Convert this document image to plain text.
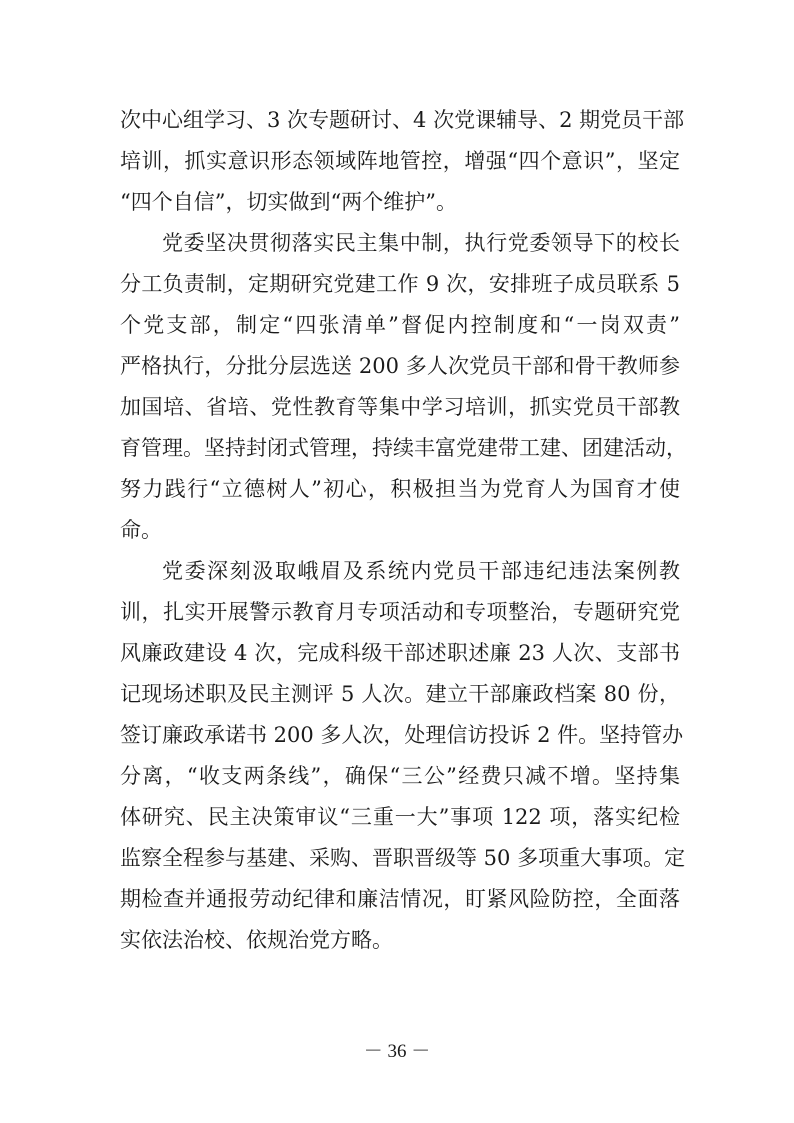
次中心组学习、3 次专题研讨、4 次党课辅导、2 期党员干部
培训，抓实意识形态领域阵地管控，增强“四个意识”，坚定
“四个自信”，切实做到“两个维护”。
党委坚决贯彻落实民主集中制，执行党委领导下的校长
分工负责制，定期研究党建工作 9 次，安排班子成员联系 5
个党支部，制定“四张清单”督促内控制度和“一岗双责”
严格执行，分批分层选送 200 多人次党员干部和骨干教师参
加国培、省培、党性教育等集中学习培训，抓实党员干部教
育管理。坚持封闭式管理，持续丰富党建带工建、团建活动，
努力践行“立德树人”初心，积极担当为党育人为国育才使
命。
党委深刻汲取峨眉及系统内党员干部违纪违法案例教
训，扎实开展警示教育月专项活动和专项整治，专题研究党
风廉政建设 4 次，完成科级干部述职述廉 23 人次、支部书
记现场述职及民主测评 5 人次。建立干部廉政档案 80 份，
签订廉政承诺书 200 多人次，处理信访投诉 2 件。坚持管办
分离，“收支两条线”，确保“三公”经费只减不增。坚持集
体研究、民主决策审议“三重一大”事项 122 项，落实纪检
监察全程参与基建、采购、晋职晋级等 50 多项重大事项。定
期检查并通报劳动纪律和廉洁情况，盯紧风险防控，全面落
实依法治校、依规治党方略。
－ 36 －
